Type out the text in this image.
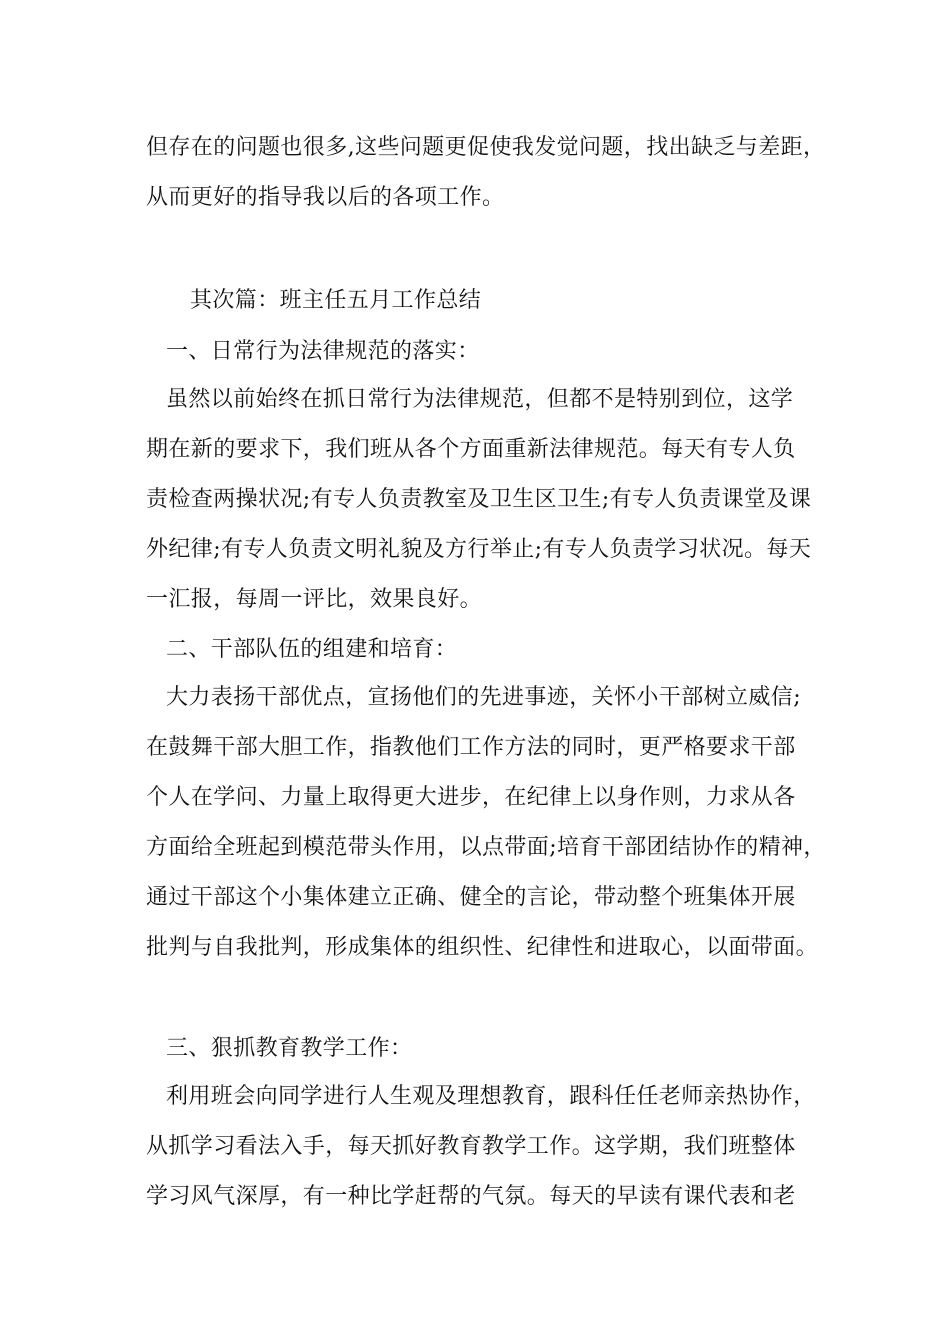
但存在的问题也很多,这些问题更促使我发觉问题，找出缺乏与差距，
从而更好的指导我以后的各项工作。
其次篇：班主任五月工作总结
一、日常行为法律规范的落实：
虽然以前始终在抓日常行为法律规范，但都不是特别到位，这学
期在新的要求下，我们班从各个方面重新法律规范。每天有专人负
责检查两操状况;有专人负责教室及卫生区卫生;有专人负责课堂及课
外纪律;有专人负责文明礼貌及方行举止;有专人负责学习状况。每天
一汇报，每周一评比，效果良好。
二、干部队伍的组建和培育：
大力表扬干部优点，宣扬他们的先进事迹，关怀小干部树立威信;
在鼓舞干部大胆工作，指教他们工作方法的同时，更严格要求干部
个人在学问、力量上取得更大进步，在纪律上以身作则，力求从各
方面给全班起到模范带头作用，以点带面;培育干部团结协作的精神，
通过干部这个小集体建立正确、健全的言论，带动整个班集体开展
批判与自我批判，形成集体的组织性、纪律性和进取心，以面带面。
三、狠抓教育教学工作：
利用班会向同学进行人生观及理想教育，跟科任任老师亲热协作，
从抓学习看法入手，每天抓好教育教学工作。这学期，我们班整体
学习风气深厚，有一种比学赶帮的气氛。每天的早读有课代表和老
